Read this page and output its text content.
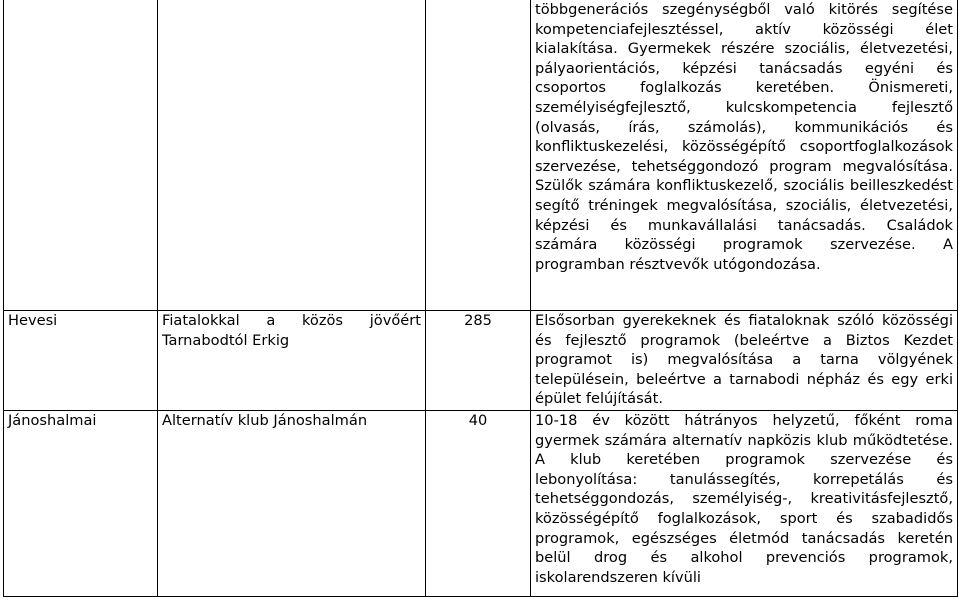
			többgenerációs szegénységből való kitörés segítése kompetenciafejlesztéssel, aktív közösségi élet kialakítása. Gyermekek részére szociális, életvezetési, pályaorientációs, képzési tanácsadás egyéni és csoportos foglalkozás keretében. Önismereti, személyiségfejlesztő, kulcskompetencia fejlesztő (olvasás, írás, számolás), kommunikációs és konfliktuskezelési, közösségépítő csoportfoglalkozások szervezése, tehetséggondozó program megvalósítása. Szülők számára konfliktuskezelő, szociális beilleszkedést segítő tréningek megvalósítása, szociális, életvezetési, képzési és munkavállalási tanácsadás. Családok számára közösségi programok szervezése. A programban résztvevők utógondozása.
Hevesi	Fiatalokkal a közös jövőért Tarnabodtól Erkig	285	Elsősorban gyerekeknek és fiataloknak szóló közösségi és fejlesztő programok (beleértve a Biztos Kezdet programot is) megvalósítása a tarna völgyének településein, beleértve a tarnabodi népház és egy erki épület felújítását.
Jánoshalmai	Alternatív klub Jánoshalmán	40	10-18 év között hátrányos helyzetű, főként roma gyermek számára alternatív napközis klub működtetése. A klub keretében programok szervezése és lebonyolítása: tanulássegítés, korrepetálás és tehetséggondozás, személyiség-, kreativitásfejlesztő, közösségépítő foglalkozások, sport és szabadidős programok, egészséges életmód tanácsadás keretén belül drog és alkohol prevenciós programok, iskolarendszeren kívüli
